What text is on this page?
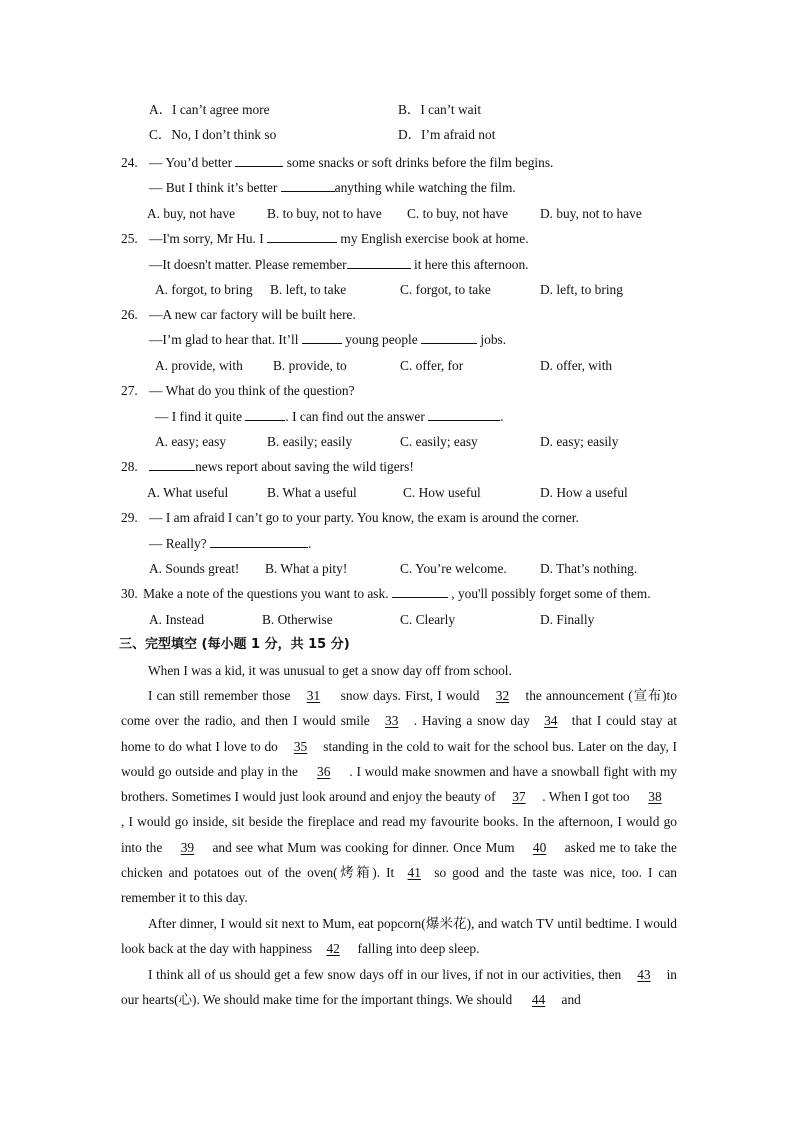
A．I can’t agree more	B．I can’t wait
C．No, I don’t think so	D．I’m afraid not
24. — You’d better	some snacks or soft drinks before the film begins.
— But I think it’s better	anything while watching the film.
A. buy, not have B. to buy, not to have C. to buy, not have D. buy, not to have
25. —I'm sorry, Mr Hu. I	my English exercise book at home.
—It doesn't matter. Please remember	it here this afternoon.
A. forgot, to bring B. left, to take	C. forgot, to take	D. left, to bring
26. —A new car factory will be built here.
—I’m glad to hear that. It’ll	young people	jobs.
A. provide, with B. provide, to	C. offer, for	D. offer, with
27. — What do you think of the question?
— I find it quite	. I can find out the answer	.
A. easy; easy	B. easily; easily	C. easily; easy	D. easy; easily
28.	news report about saving the wild tigers!
A. What useful	B. What a useful	C. How useful	D. How a useful
29. — I am afraid I can’t go to your party. You know, the exam is around the corner.
— Really?	.
A. Sounds great! B. What a pity!	C. You’re welcome. D. That’s nothing.
30. Make a note of the questions you want to ask.	, you'll possibly forget some of them.
A. Instead	B. Otherwise	C. Clearly	D. Finally
三、完型填空 (每小题 1 分，共 15 分)
When I was a kid, it was unusual to get a snow day off from school.
I can still remember those 31 snow days. First, I would 32 the announcement (宣布)to come over the radio, and then I would smile 33 . Having a snow day 34 that I could stay at home to do what I love to do 35 standing in the cold to wait for the school bus. Later on the day, I would go outside and play in the 36 . I would make snowmen and have a snowball fight with my brothers. Sometimes I would just look around and enjoy the beauty of 37 . When I got too 38, I would go inside, sit beside the fireplace and read my favourite books. In the afternoon, I would go into the 39 and see what Mum was cooking for dinner. Once Mum 40 asked me to take the chicken and potatoes out of the oven(烤箱). It 41 so good and the taste was nice, too. I can remember it to this day.
After dinner, I would sit next to Mum, eat popcorn(爆米花), and watch TV until bedtime. I would look back at the day with happiness 42 falling into deep sleep.
I think all of us should get a few snow days off in our lives, if not in our activities, then 43 in our hearts(心). We should make time for the important things. We should 44 and
